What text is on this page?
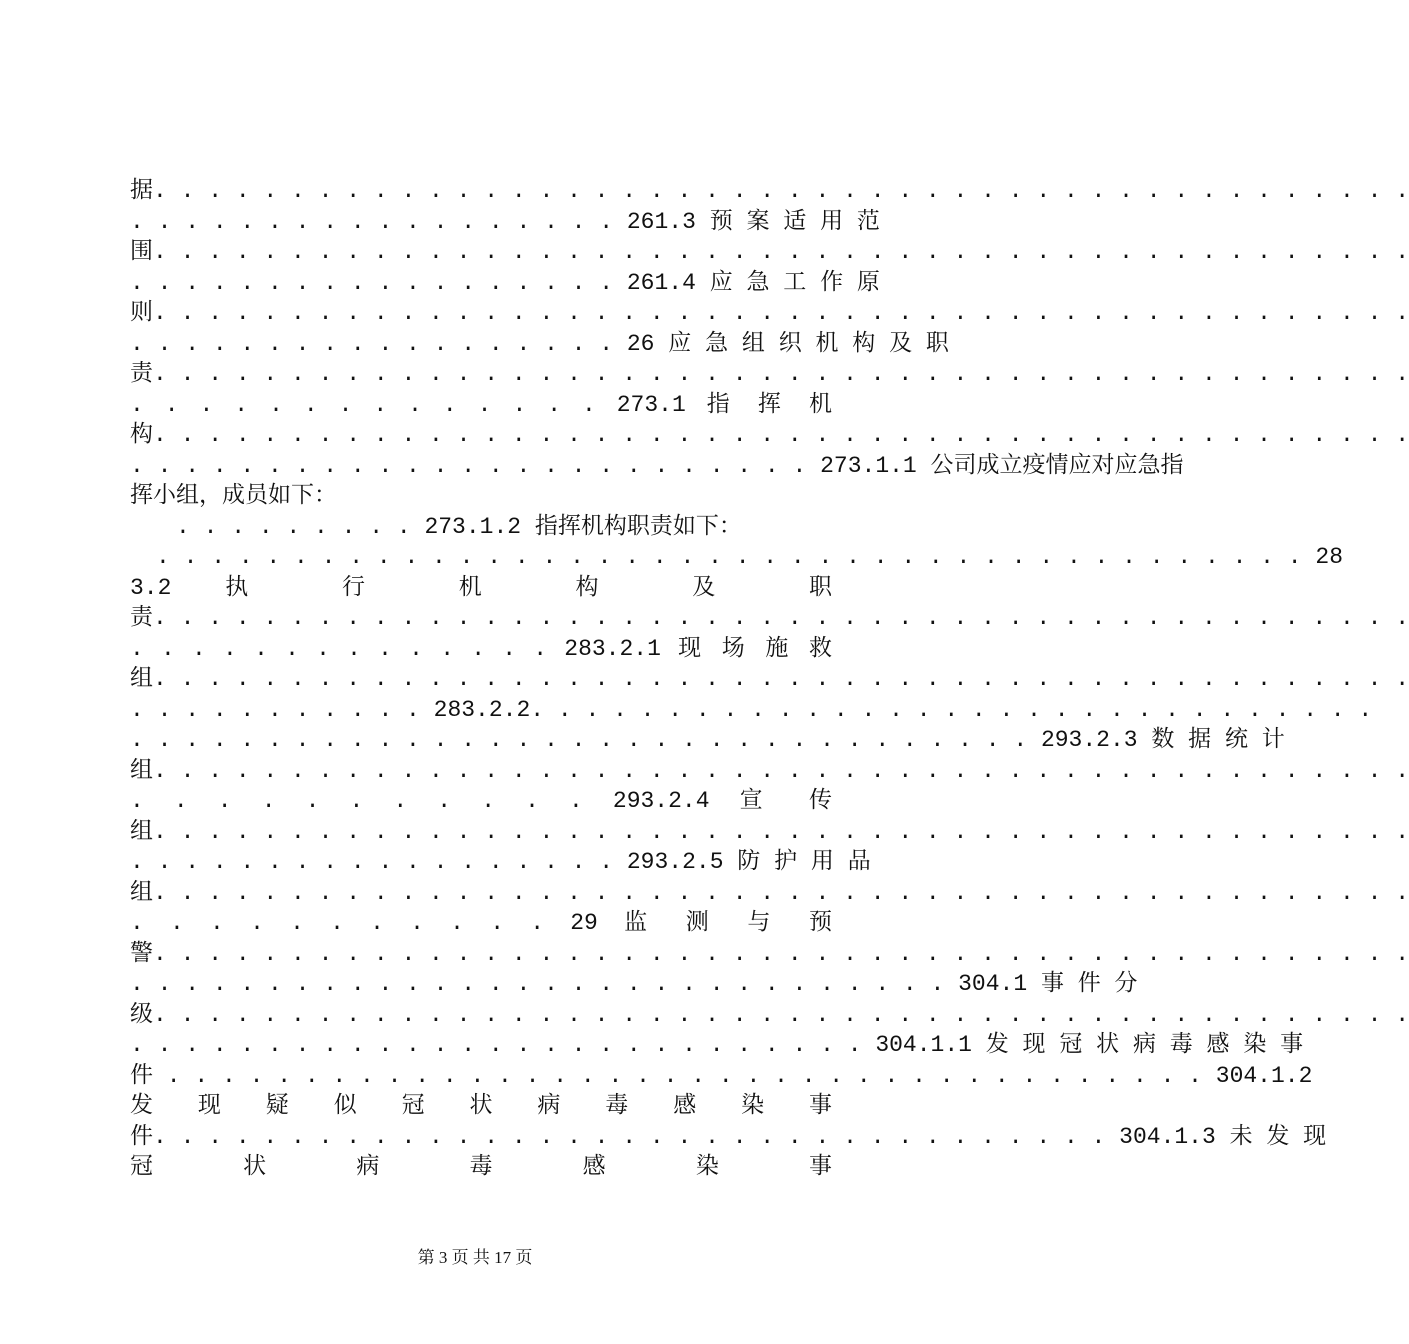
据. . . . . . . . . . . . . . . . . . . . . . . . . . . . . . . . . . . . . . . . . . . . . .
. . . . . . . . . . . . . . . . . . 261.3 预 案 适 用 范
围. . . . . . . . . . . . . . . . . . . . . . . . . . . . . . . . . . . . . . . . . . . . . .
. . . . . . . . . . . . . . . . . . 261.4 应 急 工 作 原
则. . . . . . . . . . . . . . . . . . . . . . . . . . . . . . . . . . . . . . . . . . . . . .
. . . . . . . . . . . . . . . . . . 26 应 急 组 织 机 构 及 职
责. . . . . . . . . . . . . . . . . . . . . . . . . . . . . . . . . . . . . . . . . . . . . .
. . . . . . . . . . . . . . 273.1 指 挥 机
构. . . . . . . . . . . . . . . . . . . . . . . . . . . . . . . . . . . . . . . . . . . . . .
. . . . . . . . . . . . . . . . . . . . . . . . . 273.1.1 公司成立疫情应对应急指
挥小组，成员如下：
. . . . . . . . . 273.1.2 指挥机构职责如下：
. . . . . . . . . . . . . . . . . . . . . . . . . . . . . . . . . . . . . . . . . . 28
3.2 执 行 机 构 及 职
责. . . . . . . . . . . . . . . . . . . . . . . . . . . . . . . . . . . . . . . . . . . . . .
. . . . . . . . . . . . . . 283.2.1 现 场 施 救
组. . . . . . . . . . . . . . . . . . . . . . . . . . . . . . . . . . . . . . . . . . . . . .
. . . . . . . . . . . 283.2.2. . . . . . . . . . . . . . . . . . . . . . . . . . . . . . .
. . . . . . . . . . . . . . . . . . . . . . . . . . . . . . . . . 293.2.3 数 据 统 计
组. . . . . . . . . . . . . . . . . . . . . . . . . . . . . . . . . . . . . . . . . . . . . .
. . . . . . . . . . . 293.2.4 宣 传
组. . . . . . . . . . . . . . . . . . . . . . . . . . . . . . . . . . . . . . . . . . . . . .
. . . . . . . . . . . . . . . . . . 293.2.5 防 护 用 品
组. . . . . . . . . . . . . . . . . . . . . . . . . . . . . . . . . . . . . . . . . . . . . .
. . . . . . . . . . . 29 监 测 与 预
警. . . . . . . . . . . . . . . . . . . . . . . . . . . . . . . . . . . . . . . . . . . . . .
. . . . . . . . . . . . . . . . . . . . . . . . . . . . . . 304.1 事 件 分
级. . . . . . . . . . . . . . . . . . . . . . . . . . . . . . . . . . . . . . . . . . . . . .
. . . . . . . . . . . . . . . . . . . . . . . . . . . 304.1.1 发 现 冠 状 病 毒 感 染 事
件 . . . . . . . . . . . . . . . . . . . . . . . . . . . . . . . . . . . . . . 304.1.2
发 现 疑 似 冠 状 病 毒 感 染 事
件. . . . . . . . . . . . . . . . . . . . . . . . . . . . . . . . . . . 304.1.3 未 发 现
冠 状 病 毒 感 染 事
第 3 页 共 17 页
